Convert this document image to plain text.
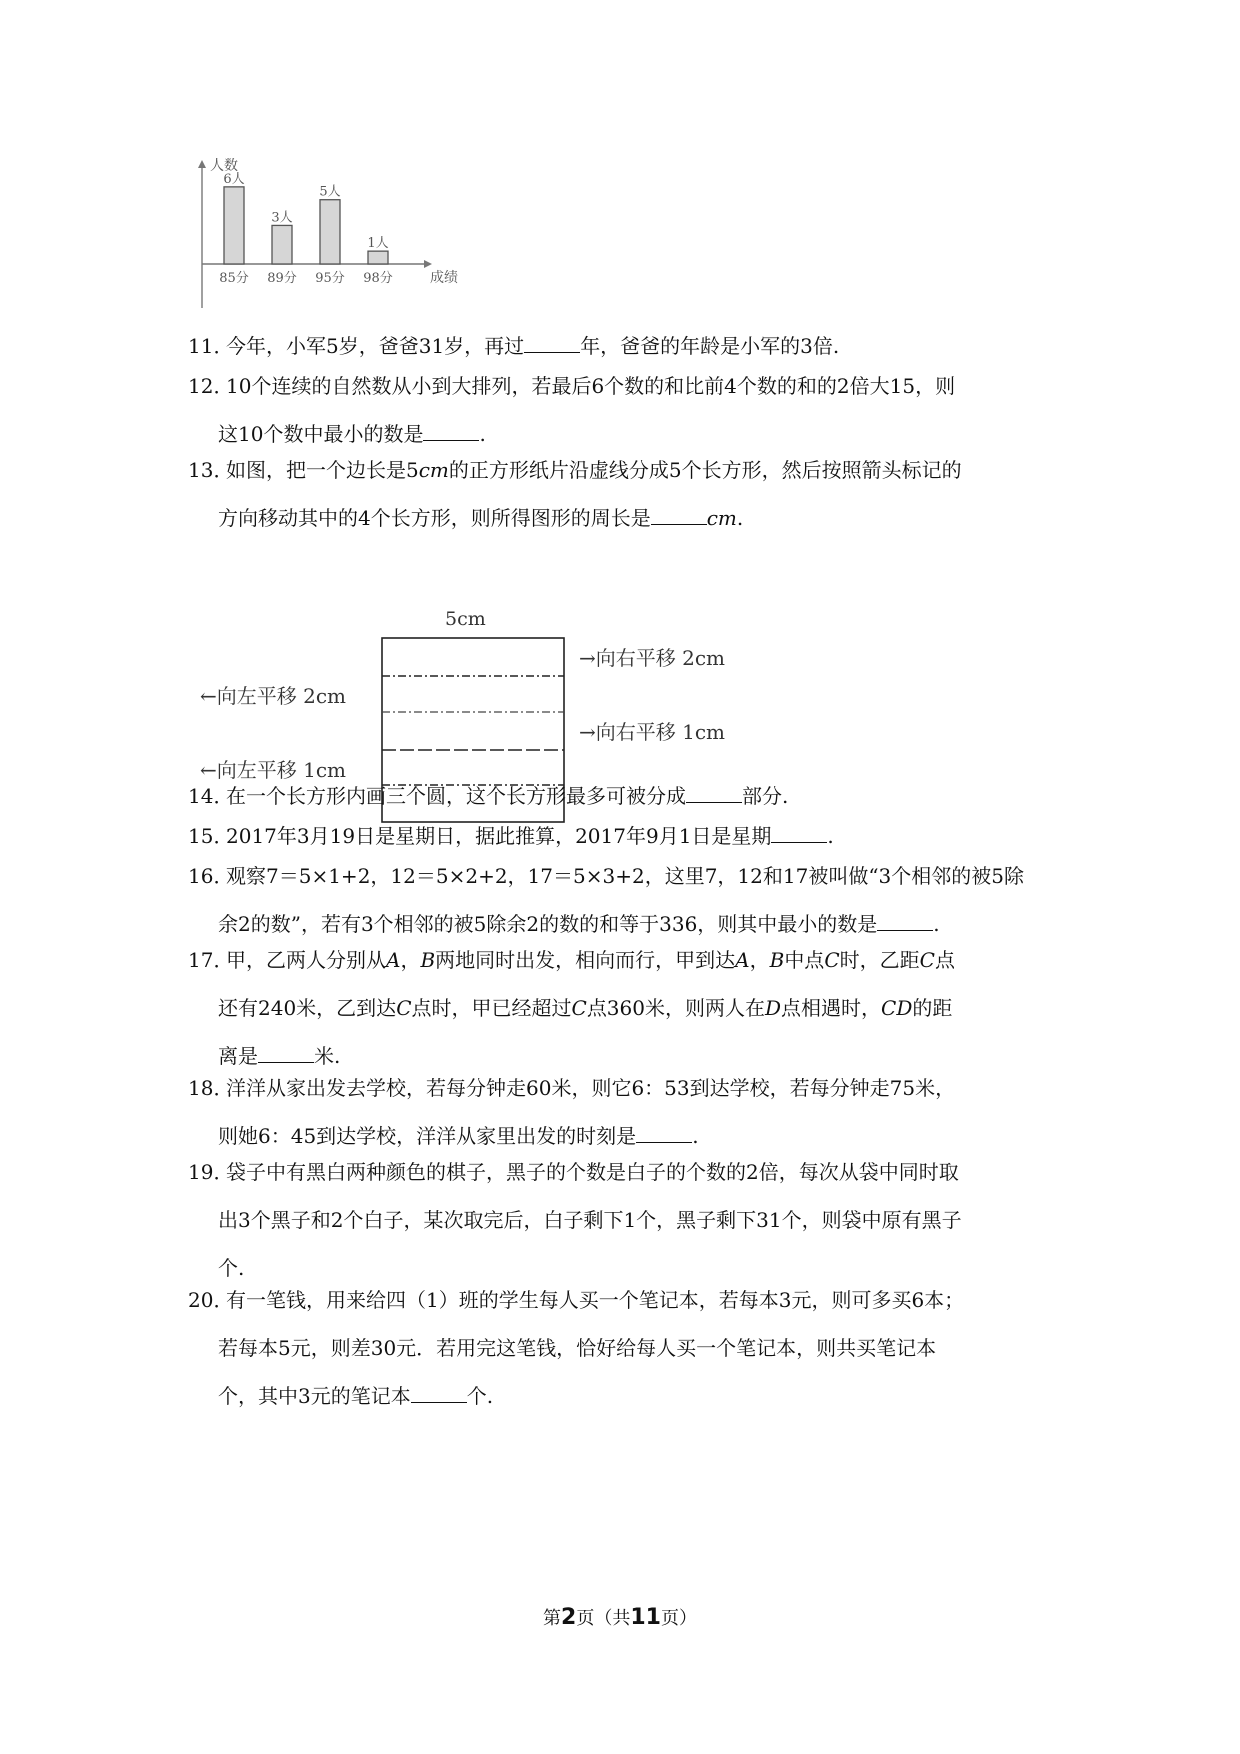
人数
成绩
6人
85分
3人
89分
5人
95分
1人
98分
11．今年，小军5岁，爸爸31岁，再过	年，爸爸的年龄是小军的3倍.
12．10个连续的自然数从小到大排列，若最后6个数的和比前4个数的和的2倍大15，则
这10个数中最小的数是	.
13．如图，把一个边长是5cm的正方形纸片沿虚线分成5个长方形，然后按照箭头标记的
方向移动其中的4个长方形，则所得图形的周长是	cm.
5cm
→向右平移 2cm
→向右平移 1cm
←向左平移 2cm
←向左平移 1cm
14．在一个长方形内画三个圆，这个长方形最多可被分成	部分.
15．2017年3月19日是星期日，据此推算，2017年9月1日是星期	.
16．观察7＝5×1+2，12＝5×2+2，17＝5×3+2，这里7，12和17被叫做“3个相邻的被5除
余2的数”，若有3个相邻的被5除余2的数的和等于336，则其中最小的数是	.
17．甲，乙两人分别从A，B两地同时出发，相向而行，甲到达A，B中点C时，乙距C点
还有240米，乙到达C点时，甲已经超过C点360米，则两人在D点相遇时，CD的距
离是	米.
18．洋洋从家出发去学校，若每分钟走60米，则它6：53到达学校，若每分钟走75米，
则她6：45到达学校，洋洋从家里出发的时刻是	.
19．袋子中有黑白两种颜色的棋子，黑子的个数是白子的个数的2倍，每次从袋中同时取
出3个黑子和2个白子，某次取完后，白子剩下1个，黑子剩下31个，则袋中原有黑子
个.
20．有一笔钱，用来给四（1）班的学生每人买一个笔记本，若每本3元，则可多买6本；
若每本5元，则差30元．若用完这笔钱，恰好给每人买一个笔记本，则共买笔记本
个，其中3元的笔记本	个.
第2页（共11页）
